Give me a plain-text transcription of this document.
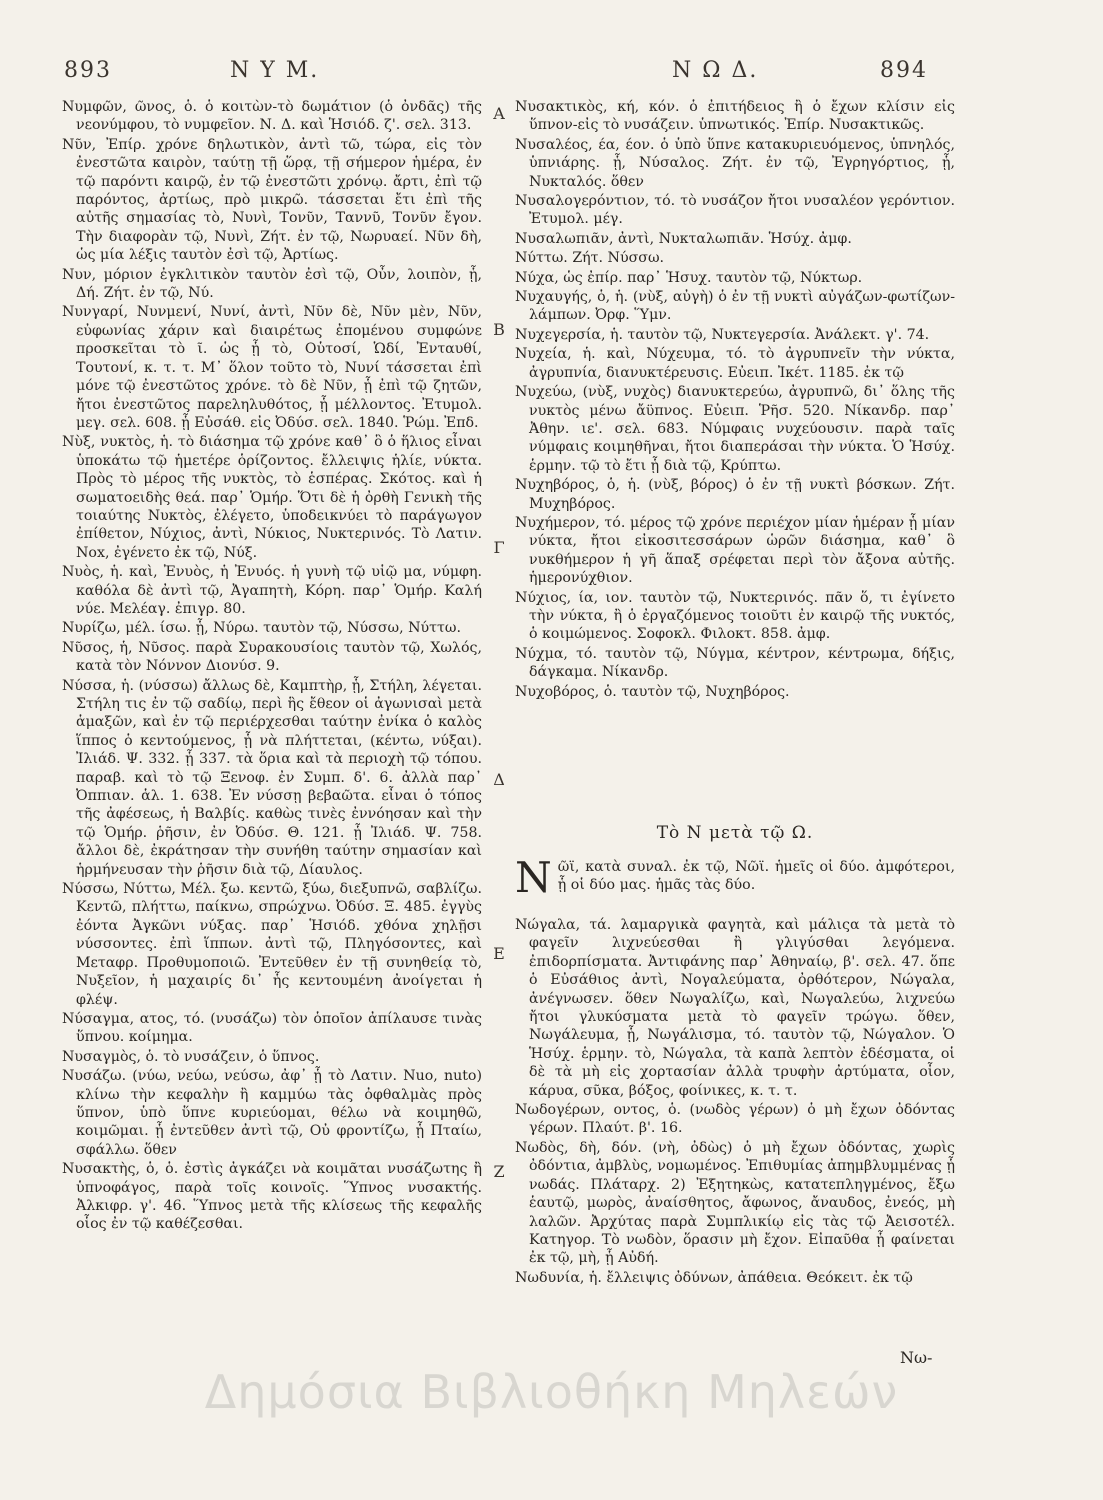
893	Ν Υ Μ.	Ν Ω Δ.	894

Νυμφῶν, ῶνος, ὁ. ὁ κοιτὼν-τὸ δωμάτιον (ὁ ὀνδᾶς) τῆς νεονύμφου, τὸ νυμφεῖον. Ν. Δ. καὶ Ἡσιόδ. ζ'. σελ. 313.

Νῦν, Ἐπίρ. χρόνε δηλωτικὸν, ἀντὶ τῶ, τώρα, εἰς τὸν ἐνεστῶτα καιρὸν, ταύτῃ τῇ ὥρᾳ, τῇ σήμερον ἡμέρα, ἐν τῷ παρόντι καιρῷ, ἐν τῷ ἐνεστῶτι χρόνῳ. ἄρτι, ἐπὶ τῷ παρόντος, ἀρτίως, πρὸ μικρῶ. τάσσεται ἔτι ἐπὶ τῆς αὐτῆς σημασίας τὸ, Νυνὶ, Τονῦν, Ταννῦ, Τονῦν ἔγον. Τὴν διαφορὰν τῷ, Νυνὶ, Ζήτ. ἐν τῷ, Νωρυαεί. Νῦν δὴ, ὡς μία λέξις ταυτὸν ἐσὶ τῷ, Ἀρτίως.

Νυν, μόριον ἐγκλιτικὸν ταυτὸν ἐσὶ τῷ, Οὖν, λοιπὸν, ᾗ, Δή. Ζήτ. ἐν τῷ, Νύ.

Νυνγαρί, Νυνμενί, Νυνί, ἀντὶ, Νῦν δὲ, Νῦν μὲν, Νῦν, εὐφωνίας χάριν καὶ διαιρέτως ἐπομένου συμφώνε προσκεῖται τὸ ῖ. ὡς ᾗ τὸ, Οὑτοσί, Ὡδί, Ἐνταυθί, Τουτονί, κ. τ. τ. Μ᾽ ὅλον τοῦτο τὸ, Νυνί τάσσεται ἐπὶ μόνε τῷ ἐνεστῶτος χρόνε. τὸ δὲ Νῦν, ᾗ ἐπὶ τῷ ζητῶν, ἤτοι ἐνεστῶτος παρεληλυθότος, ᾗ μέλλοντος. Ἐτυμολ. μεγ. σελ. 608. ᾗ Εὐσάθ. εἰς Ὀδύσ. σελ. 1840. Ῥώμ. Ἐπδ.

Νὺξ, νυκτὸς, ἡ. τὸ διάσημα τῷ χρόνε καθ᾽ ὃ ὁ ἥλιος εἶναι ὑποκάτω τῷ ἡμετέρε ὁρίζοντος. ἔλλειψις ἡλίε, νύκτα. Πρὸς τὸ μέρος τῆς νυκτὸς, τὸ ἑσπέρας. Σκότος. καὶ ἡ σωματοειδὴς θεά. παρ᾽ Ὁμήρ. Ὅτι δὲ ἡ ὀρθὴ Γενικὴ τῆς τοιαύτης Νυκτὸς, ἐλέγετο, ὑποδεικνύει τὸ παράγωγον ἐπίθετον, Νύχιος, ἀντὶ, Νύκιος, Νυκτερινός. Τὸ Λατιν. Nox, ἐγένετο ἐκ τῷ, Νύξ.

Νυὸς, ἡ. καὶ, Ἐνυὸς, ἡ Ἐνυός. ἡ γυνὴ τῷ υἱῷ μα, νύμφη. καθόλα δὲ ἀντὶ τῷ, Ἀγαπητὴ, Κόρη. παρ᾽ Ὁμήρ. Καλή νύε. Μελέαγ. ἐπιγρ. 80.

Νυρίζω, μέλ. ίσω. ᾗ, Νύρω. ταυτὸν τῷ, Νύσσω, Νύττω.

Νῦσος, ἡ, Νῦσος. παρὰ Συρακουσίοις ταυτὸν τῷ, Χωλός, κατὰ τὸν Νόννον Διονύσ. 9.

Νύσσα, ἡ. (νύσσω) ἄλλως δὲ, Καμπτὴρ, ᾗ, Στήλη, λέγεται. Στήλη τις ἐν τῷ σαδίῳ, περὶ ἣς ἔθεον οἱ ἀγωνισαὶ μετὰ ἁμαξῶν, καὶ ἐν τῷ περιέρχεσθαι ταύτην ἐνίκα ὁ καλὸς ἵππος ὁ κεντούμενος, ᾗ νὰ πλήττεται, (κέντω, νύξαι). Ἰλιάδ. Ψ. 332. ᾗ 337. τὰ ὅρια καὶ τὰ περιοχὴ τῷ τόπου. παραβ. καὶ τὸ τῷ Ξενοφ. ἐν Συμπ. δ'. 6. ἀλλὰ παρ᾽ Ὀππιαν. ἁλ. 1. 638. Ἐν νύσσῃ βεβαῶτα. εἶναι ὁ τόπος τῆς ἀφέσεως, ἡ Βαλβίς. καθὼς τινὲς ἐννόησαν καὶ τὴν τῷ Ὁμήρ. ῥῆσιν, ἐν Ὀδύσ. Θ. 121. ᾗ Ἰλιάδ. Ψ. 758. ἄλλοι δὲ, ἐκράτησαν τὴν συνήθη ταύτην σημασίαν καὶ ἡρμήνευσαν τὴν ῥῆσιν διὰ τῷ, Δίαυλος.

Νύσσω, Νύττω, Μέλ. ξω. κεντῶ, ξύω, διεξυπνῶ, σαβλίζω. Κεντῶ, πλήττω, παίκνω, σπρώχνω. Ὀδύσ. Ξ. 485. ἐγγὺς ἐόντα Ἀγκῶνι νύξας. παρ᾽ Ἡσιόδ. χθόνα χηλῇσι νύσσοντες. ἐπὶ ἵππων. ἀντὶ τῷ, Πληγόσοντες, καὶ Μεταφρ. Προθυμοποιῶ. Ἐντεῦθεν ἐν τῇ συνηθείᾳ τὸ, Νυξεῖον, ἡ μαχαιρίς δι᾽ ἧς κεντουμένη ἀνοίγεται ἡ φλέψ.

Νύσαγμα, ατος, τό. (νυσάζω) τὸν ὁποῖον ἀπίλαυσε τινὰς ὕπνου. κοίμημα.

Νυσαγμὸς, ὁ. τὸ νυσάζειν, ὁ ὕπνος.

Νυσάζω. (νύω, νεύω, νεύσω, ἀφ᾽ ᾗ τὸ Λατιν. Nuo, nuto) κλίνω τὴν κεφαλὴν ἢ καμμύω τὰς ὀφθαλμὰς πρὸς ὕπνον, ὑπὸ ὕπνε κυριεύομαι, θέλω νὰ κοιμηθῶ, κοιμῶμαι. ᾗ ἐντεῦθεν ἀντὶ τῷ, Οὐ φροντίζω, ᾗ Πταίω, σφάλλω. ὅθεν

Νυσακτὴς, ὁ, ὁ. ἐστὶς ἀγκάζει νὰ κοιμᾶται νυσάζωτης ἢ ὑπνοφάγος, παρὰ τοῖς κοινοῖς. Ὕπνος νυσακτής. Ἀλκιφρ. γ'. 46. Ὕπνος μετὰ τῆς κλίσεως τῆς κεφαλῆς οἷος ἐν τῷ καθέζεσθαι.

Α
Β
Γ
Δ
Ε
Ζ

Νυσακτικὸς, κή, κόν. ὁ ἐπιτήδειος ἢ ὁ ἔχων κλίσιν εἰς ὕπνον-εἰς τὸ νυσάζειν. ὑπνωτικός. Ἐπίρ. Νυσακτικῶς.

Νυσαλέος, έα, έον. ὁ ὑπὸ ὕπνε κατακυριευόμενος, ὑπνηλός, ὑπνιάρης. ᾗ, Νύσαλος. Ζήτ. ἐν τῷ, Ἐγρηγόρτιος, ᾗ, Νυκταλός. ὅθεν

Νυσαλογερόντιον, τό. τὸ νυσάζον ἤτοι νυσαλέον γερόντιον. Ἐτυμολ. μέγ.

Νυσαλωπιᾶν, ἀντὶ, Νυκταλωπιᾶν. Ἡσύχ. ἀμφ.

Νύττω. Ζήτ. Νύσσω.

Νύχα, ὡς ἐπίρ. παρ᾽ Ἡσυχ. ταυτὸν τῷ, Νύκτωρ.

Νυχαυγής, ὁ, ἡ. (νὺξ, αὐγὴ) ὁ ἐν τῇ νυκτὶ αὐγάζων-φωτίζων-λάμπων. Ὀρφ. Ὕμν.

Νυχεγερσία, ἡ. ταυτὸν τῷ, Νυκτεγερσία. Ἀνάλεκτ. γ'. 74.

Νυχεία, ἡ. καὶ, Νύχευμα, τό. τὸ ἀγρυπνεῖν τὴν νύκτα, ἀγρυπνία, διανυκτέρευσις. Εὐειπ. Ἰκέτ. 1185. ἐκ τῷ

Νυχεύω, (νὺξ, νυχὸς) διανυκτερεύω, ἀγρυπνῶ, δι᾽ ὅλης τῆς νυκτὸς μένω ἄϋπνος. Εὐειπ. Ῥῆσ. 520. Νίκανδρ. παρ᾽ Ἀθην. ιε'. σελ. 683. Νύμφαις νυχεύουσιν. παρὰ ταῖς νύμφαις κοιμηθῆναι, ἤτοι διαπεράσαι τὴν νύκτα. Ὁ Ἡσύχ. ἑρμην. τῷ τὸ ἔτι ᾗ διὰ τῷ, Κρύπτω.

Νυχηβόρος, ὁ, ἡ. (νὺξ, βόρος) ὁ ἐν τῇ νυκτὶ βόσκων. Ζήτ. Μυχηβόρος.

Νυχήμερον, τό. μέρος τῷ χρόνε περιέχον μίαν ἡμέραν ᾗ μίαν νύκτα, ἤτοι εἰκοσιτεσσάρων ὡρῶν διάσημα, καθ᾽ ὃ νυκθήμερον ἡ γῆ ἅπαξ σρέφεται περὶ τὸν ἄξονα αὐτῆς. ἡμερονύχθιον.

Νύχιος, ία, ιον. ταυτὸν τῷ, Νυκτερινός. πᾶν ὅ, τι ἐγίνετο τὴν νύκτα, ἢ ὁ ἐργαζόμενος τοιοῦτι ἐν καιρῷ τῆς νυκτός, ὁ κοιμώμενος. Σοφοκλ. Φιλοκτ. 858. ἀμφ.

Νύχμα, τό. ταυτὸν τῷ, Νύγμα, κέντρον, κέντρωμα, δήξις, δάγκαμα. Νίκανδρ.

Νυχοβόρος, ὁ. ταυτὸν τῷ, Νυχηβόρος.

Τὸ Ν μετὰ τῷ Ω.
Νῶϊ, κατὰ συναλ. ἐκ τῷ, Νῶϊ. ἡμεῖς οἱ δύο. ἀμφότεροι, ᾗ οἱ δύο μας. ἡμᾶς τὰς δύο.

Νώγαλα, τά. λαμαργικὰ φαγητὰ, καὶ μάλιςα τὰ μετὰ τὸ φαγεῖν λιχνεύεσθαι ἢ γλιγύσθαι λεγόμενα. ἐπιδορπίσματα. Ἀντιφάνης παρ᾽ Ἀθηναίῳ, β'. σελ. 47. ὅπε ὁ Εὐσάθιος ἀντὶ, Νογαλεύματα, ὀρθότερον, Νώγαλα, ἀνέγνωσεν. ὅθεν Νωγαλίζω, καὶ, Νωγαλεύω, λιχνεύω ἤτοι γλυκύσματα μετὰ τὸ φαγεῖν τρώγω. ὅθεν, Νωγάλευμα, ᾗ, Νωγάλισμα, τό. ταυτὸν τῷ, Νώγαλον. Ὁ Ἡσύχ. ἑρμην. τὸ, Νώγαλα, τὰ καπὰ λεπτὸν ἐδέσματα, οἱ δὲ τὰ μὴ εἰς χορτασίαν ἀλλὰ τρυφὴν ἀρτύματα, οἷον, κάρυα, σῦκα, βόξος, φοίνικες, κ. τ. τ.

Νωδογέρων, οντος, ὁ. (νωδὸς γέρων) ὁ μὴ ἔχων ὀδόντας γέρων. Πλαύτ. β'. 16.

Νωδὸς, δὴ, δόν. (νὴ, ὀδὼς) ὁ μὴ ἔχων ὀδόντας, χωρὶς ὀδόντια, ἀμβλὺς, νομωμένος. Ἐπιθυμίας ἀπημβλυμμένας ᾗ νωδάς. Πλάταρχ. 2) Ἐξητηκὼς, κατατεπληγμένος, ἔξω ἑαυτῷ, μωρὸς, ἀναίσθητος, ἄφωνος, ἄναυδος, ἐνεός, μὴ λαλῶν. Ἀρχύτας παρὰ Συμπλικίῳ εἰς τὰς τῷ Ἀεισοτέλ. Κατηγορ. Τὸ νωδὸν, ὅρασιν μὴ ἔχον. Εἰπαῦθα ᾗ φαίνεται ἐκ τῷ, μὴ, ᾗ Αὐδή.

Νωδυνία, ἡ. ἔλλειψις ὀδύνων, ἀπάθεια. Θεόκειτ. ἐκ τῷ

Νω-
Δημόσια Βιβλιοθήκη Μηλεών
